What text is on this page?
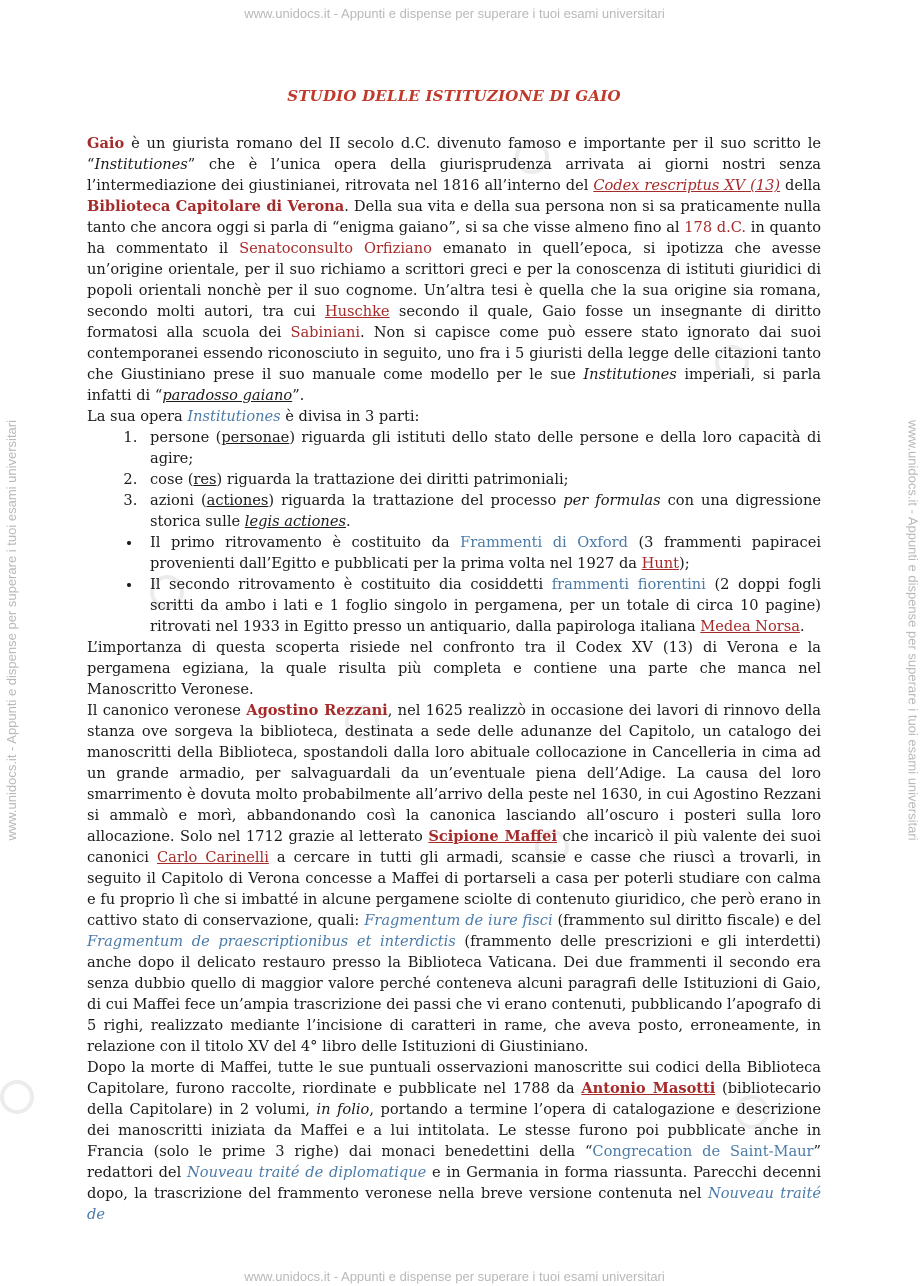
www.unidocs.it - Appunti e dispense per superare i tuoi esami universitari
www.unidocs.it - Appunti e dispense per superare i tuoi esami universitari
www.unidocs.it - Appunti e dispense per superare i tuoi esami universitari
www.unidocs.it - Appunti e dispense per superare i tuoi esami universitari
STUDIO DELLE ISTITUZIONE DI GAIO

Gaio è un giurista romano del II secolo d.C. divenuto famoso e importante per il suo scritto le “Institutiones” che è l’unica opera della giurisprudenza arrivata ai giorni nostri senza l’intermediazione dei giustinianei, ritrovata nel 1816 all’interno del Codex rescriptus XV (13) della Biblioteca Capitolare di Verona. Della sua vita e della sua persona non si sa praticamente nulla tanto che ancora oggi si parla di “enigma gaiano”, si sa che visse almeno fino al 178 d.C. in quanto ha commentato il Senatoconsulto Orfiziano emanato in quell’epoca, si ipotizza che avesse un’origine orientale, per il suo richiamo a scrittori greci e per la conoscenza di istituti giuridici di popoli orientali nonchè per il suo cognome. Un’altra tesi è quella che la sua origine sia romana, secondo molti autori, tra cui Huschke secondo il quale, Gaio fosse un insegnante di diritto formatosi alla scuola dei Sabiniani. Non si capisce come può essere stato ignorato dai suoi contemporanei essendo riconosciuto in seguito, uno fra i 5 giuristi della legge delle citazioni tanto che Giustiniano prese il suo manuale come modello per le sue Institutiones imperiali, si parla infatti di “paradosso gaiano”.

La sua opera Institutiones è divisa in 3 parti:

1. persone (personae) riguarda gli istituti dello stato delle persone e della loro capacità di agire;
2. cose (res) riguarda la trattazione dei diritti patrimoniali;
3. azioni (actiones) riguarda la trattazione del processo per formulas con una digressione storica sulle legis actiones.
• Il primo ritrovamento è costituito da Frammenti di Oxford (3 frammenti papiracei provenienti dall’Egitto e pubblicati per la prima volta nel 1927 da Hunt);
• Il secondo ritrovamento è costituito dia cosiddetti frammenti fiorentini (2 doppi fogli scritti da ambo i lati e 1 foglio singolo in pergamena, per un totale di circa 10 pagine) ritrovati nel 1933 in Egitto presso un antiquario, dalla papirologa italiana Medea Norsa.

L’importanza di questa scoperta risiede nel confronto tra il Codex XV (13) di Verona e la pergamena egiziana, la quale risulta più completa e contiene una parte che manca nel Manoscritto Veronese.

Il canonico veronese Agostino Rezzani, nel 1625 realizzò in occasione dei lavori di rinnovo della stanza ove sorgeva la biblioteca, destinata a sede delle adunanze del Capitolo, un catalogo dei manoscritti della Biblioteca, spostandoli dalla loro abituale collocazione in Cancelleria in cima ad un grande armadio, per salvaguardali da un’eventuale piena dell’Adige. La causa del loro smarrimento è dovuta molto probabilmente all’arrivo della peste nel 1630, in cui Agostino Rezzani si ammalò e morì, abbandonando così la canonica lasciando all’oscuro i posteri sulla loro allocazione. Solo nel 1712 grazie al letterato Scipione Maffei che incaricò il più valente dei suoi canonici Carlo Carinelli a cercare in tutti gli armadi, scansie e casse che riuscì a trovarli, in seguito il Capitolo di Verona concesse a Maffei di portarseli a casa per poterli studiare con calma e fu proprio lì che si imbatté in alcune pergamene sciolte di contenuto giuridico, che però erano in cattivo stato di conservazione, quali: Fragmentum de iure fisci (frammento sul diritto fiscale) e del Fragmentum de praescriptionibus et interdictis (frammento delle prescrizioni e gli interdetti) anche dopo il delicato restauro presso la Biblioteca Vaticana. Dei due frammenti il secondo era senza dubbio quello di maggior valore perché conteneva alcuni paragrafi delle Istituzioni di Gaio, di cui Maffei fece un’ampia trascrizione dei passi che vi erano contenuti, pubblicando l’apografo di 5 righi, realizzato mediante l’incisione di caratteri in rame, che aveva posto, erroneamente, in relazione con il titolo XV del 4° libro delle Istituzioni di Giustiniano.

Dopo la morte di Maffei, tutte le sue puntuali osservazioni manoscritte sui codici della Biblioteca Capitolare, furono raccolte, riordinate e pubblicate nel 1788 da Antonio Masotti (bibliotecario della Capitolare) in 2 volumi, in folio, portando a termine l’opera di catalogazione e descrizione dei manoscritti iniziata da Maffei e a lui intitolata. Le stesse furono poi pubblicate anche in Francia (solo le prime 3 righe) dai monaci benedettini della “Congrecation de Saint-Maur” redattori del Nouveau traité de diplomatique e in Germania in forma riassunta. Parecchi decenni dopo, la trascrizione del frammento veronese nella breve versione contenuta nel Nouveau traité de
